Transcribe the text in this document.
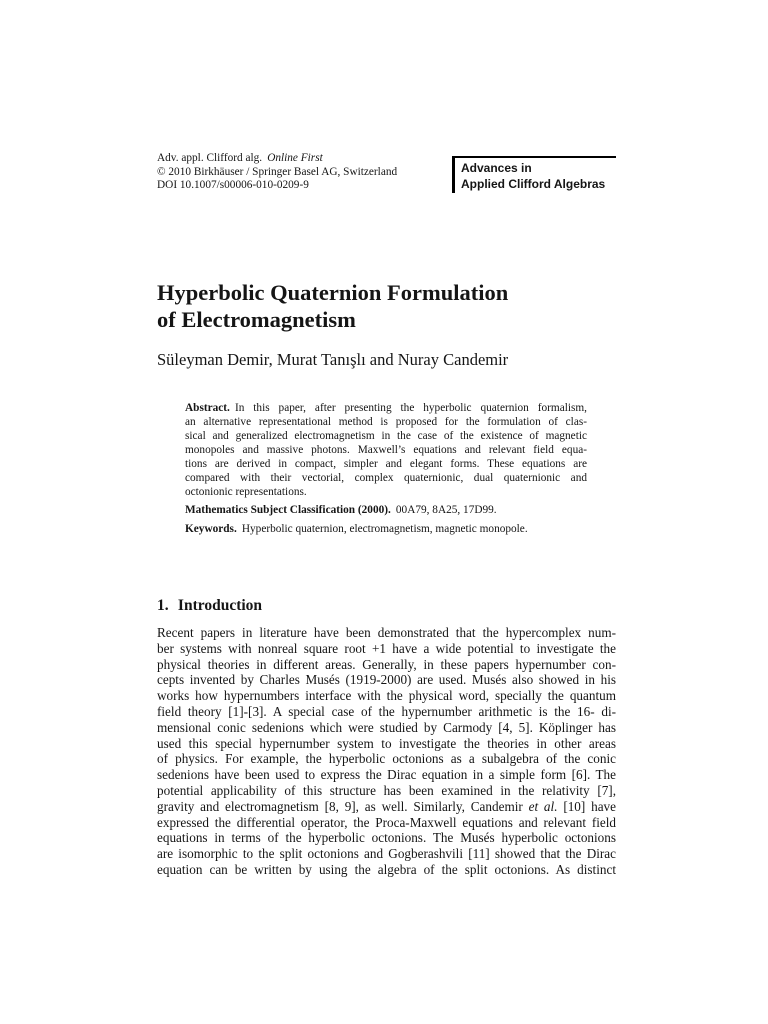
Adv. appl. Clifford alg. Online First
© 2010 Birkhäuser / Springer Basel AG, Switzerland
DOI 10.1007/s00006-010-0209-9
Advances in
Applied Clifford Algebras
Hyperbolic Quaternion Formulation
of Electromagnetism
Süleyman Demir, Murat Tanışlı and Nuray Candemir
Abstract. In this paper, after presenting the hyperbolic quaternion formalism,
an alternative representational method is proposed for the formulation of clas-
sical and generalized electromagnetism in the case of the existence of magnetic
monopoles and massive photons. Maxwell’s equations and relevant field equa-
tions are derived in compact, simpler and elegant forms. These equations are
compared with their vectorial, complex quaternionic, dual quaternionic and
octonionic representations.
Mathematics Subject Classification (2000). 00A79, 8A25, 17D99.
Keywords. Hyperbolic quaternion, electromagnetism, magnetic monopole.
1. Introduction
Recent papers in literature have been demonstrated that the hypercomplex num-
ber systems with nonreal square root +1 have a wide potential to investigate the
physical theories in different areas. Generally, in these papers hypernumber con-
cepts invented by Charles Musés (1919-2000) are used. Musés also showed in his
works how hypernumbers interface with the physical word, specially the quantum
field theory [1]-[3]. A special case of the hypernumber arithmetic is the 16- di-
mensional conic sedenions which were studied by Carmody [4, 5]. Köplinger has
used this special hypernumber system to investigate the theories in other areas
of physics. For example, the hyperbolic octonions as a subalgebra of the conic
sedenions have been used to express the Dirac equation in a simple form [6]. The
potential applicability of this structure has been examined in the relativity [7],
gravity and electromagnetism [8, 9], as well. Similarly, Candemir et al. [10] have
expressed the differential operator, the Proca-Maxwell equations and relevant field
equations in terms of the hyperbolic octonions. The Musés hyperbolic octonions
are isomorphic to the split octonions and Gogberashvili [11] showed that the Dirac
equation can be written by using the algebra of the split octonions. As distinct
